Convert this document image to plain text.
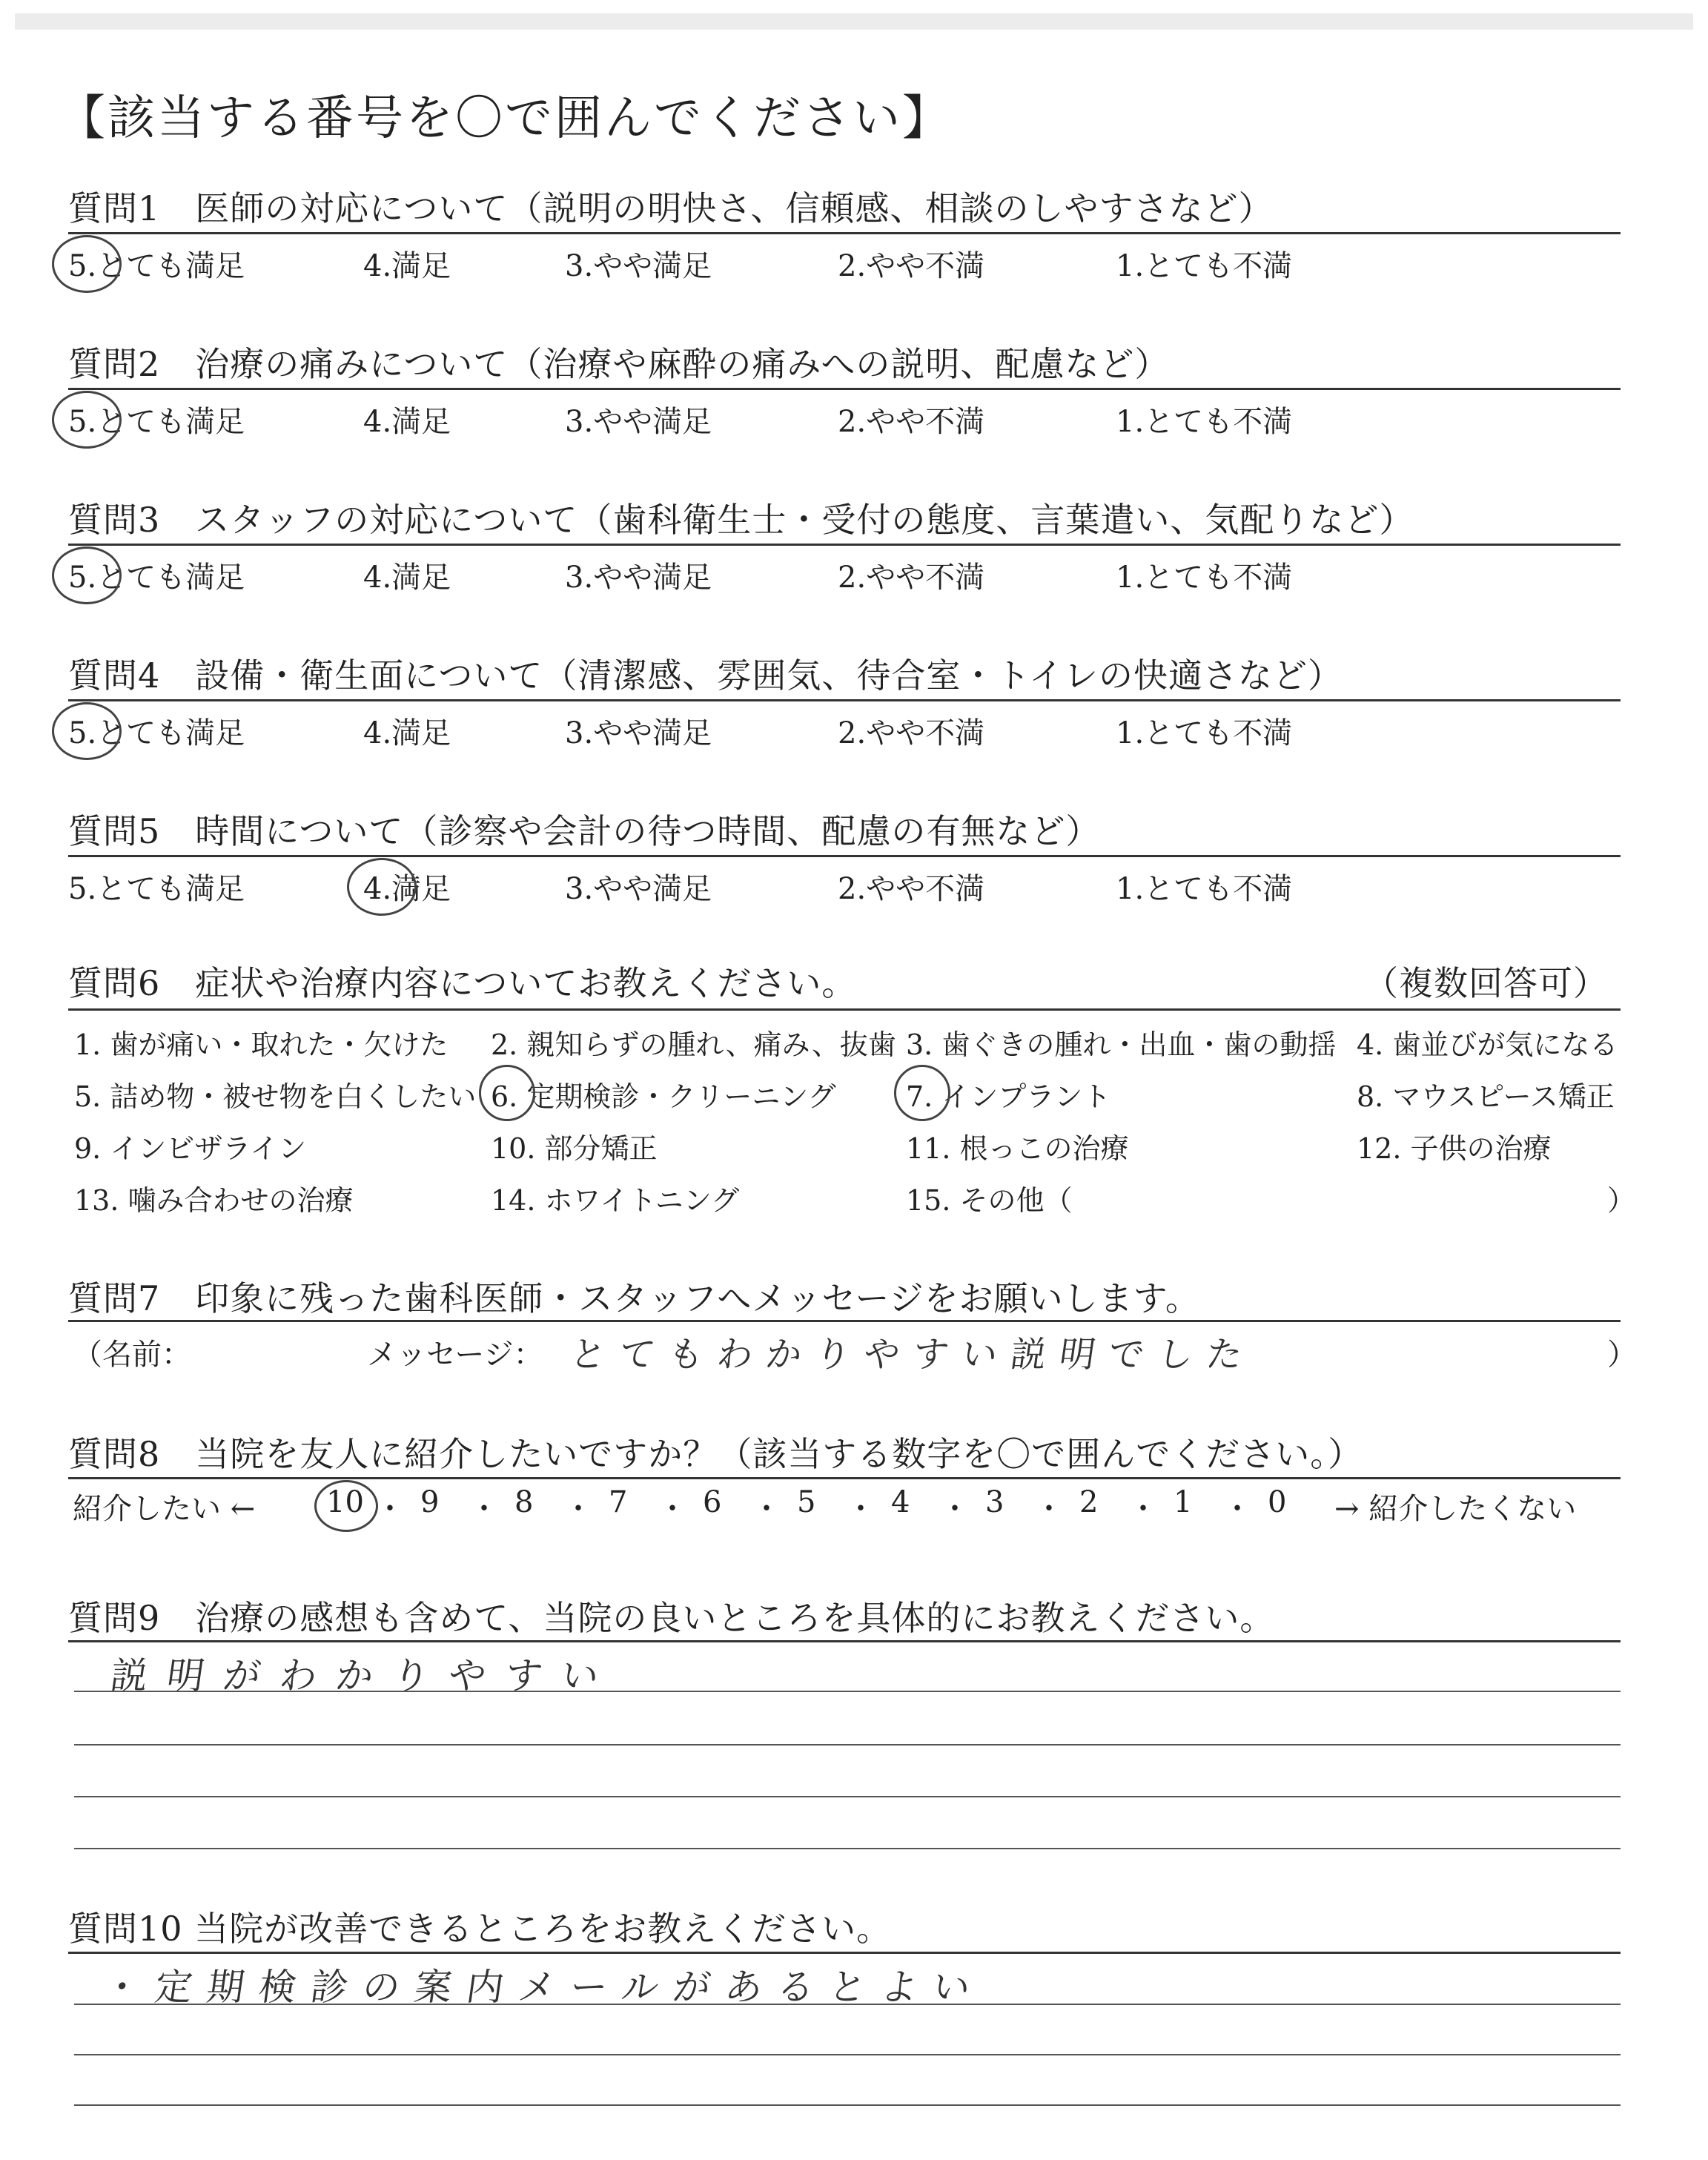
【該当する番号を〇で囲んでください】
質問1　医師の対応について（説明の明快さ、信頼感、相談のしやすさなど）
5.とても満足	4.満足	3.やや満足	2.やや不満	1.とても不満
質問2　治療の痛みについて（治療や麻酔の痛みへの説明、配慮など）
5.とても満足	4.満足	3.やや満足	2.やや不満	1.とても不満
質問3　スタッフの対応について（歯科衛生士・受付の態度、言葉遣い、気配りなど）
5.とても満足	4.満足	3.やや満足	2.やや不満	1.とても不満
質問4　設備・衛生面について（清潔感、雰囲気、待合室・トイレの快適さなど）
5.とても満足	4.満足	3.やや満足	2.やや不満	1.とても不満
質問5　時間について（診察や会計の待つ時間、配慮の有無など）
5.とても満足	4.満足	3.やや満足	2.やや不満	1.とても不満
質問6　症状や治療内容についてお教えください。	（複数回答可）
1. 歯が痛い・取れた・欠けた 2. 親知らずの腫れ、痛み、抜歯 3. 歯ぐきの腫れ・出血・歯の動揺 4. 歯並びが気になる
5. 詰め物・被せ物を白くしたい 6. 定期検診・クリーニング 7. インプラント	8. マウスピース矯正
9. インビザライン	10. 部分矯正	11. 根っこの治療	12. 子供の治療
13. 噛み合わせの治療	14. ホワイトニング	15. その他（	）
質問7　印象に残った歯科医師・スタッフへメッセージをお願いします。
（名前：	メッセージ： とてもわかりやすい説明でした	）
質問8　当院を友人に紹介したいですか？（該当する数字を〇で囲んでください。）
紹介したい ← 10 ・ 9 ・ 8 ・ 7 ・ 6 ・ 5 ・ 4 ・ 3 ・ 2 ・ 1 ・ 0 → 紹介したくない
質問9　治療の感想も含めて、当院の良いところを具体的にお教えください。
説明がわかりやすい
質問10 当院が改善できるところをお教えください。
・定期検診の案内メールがあるとよい
